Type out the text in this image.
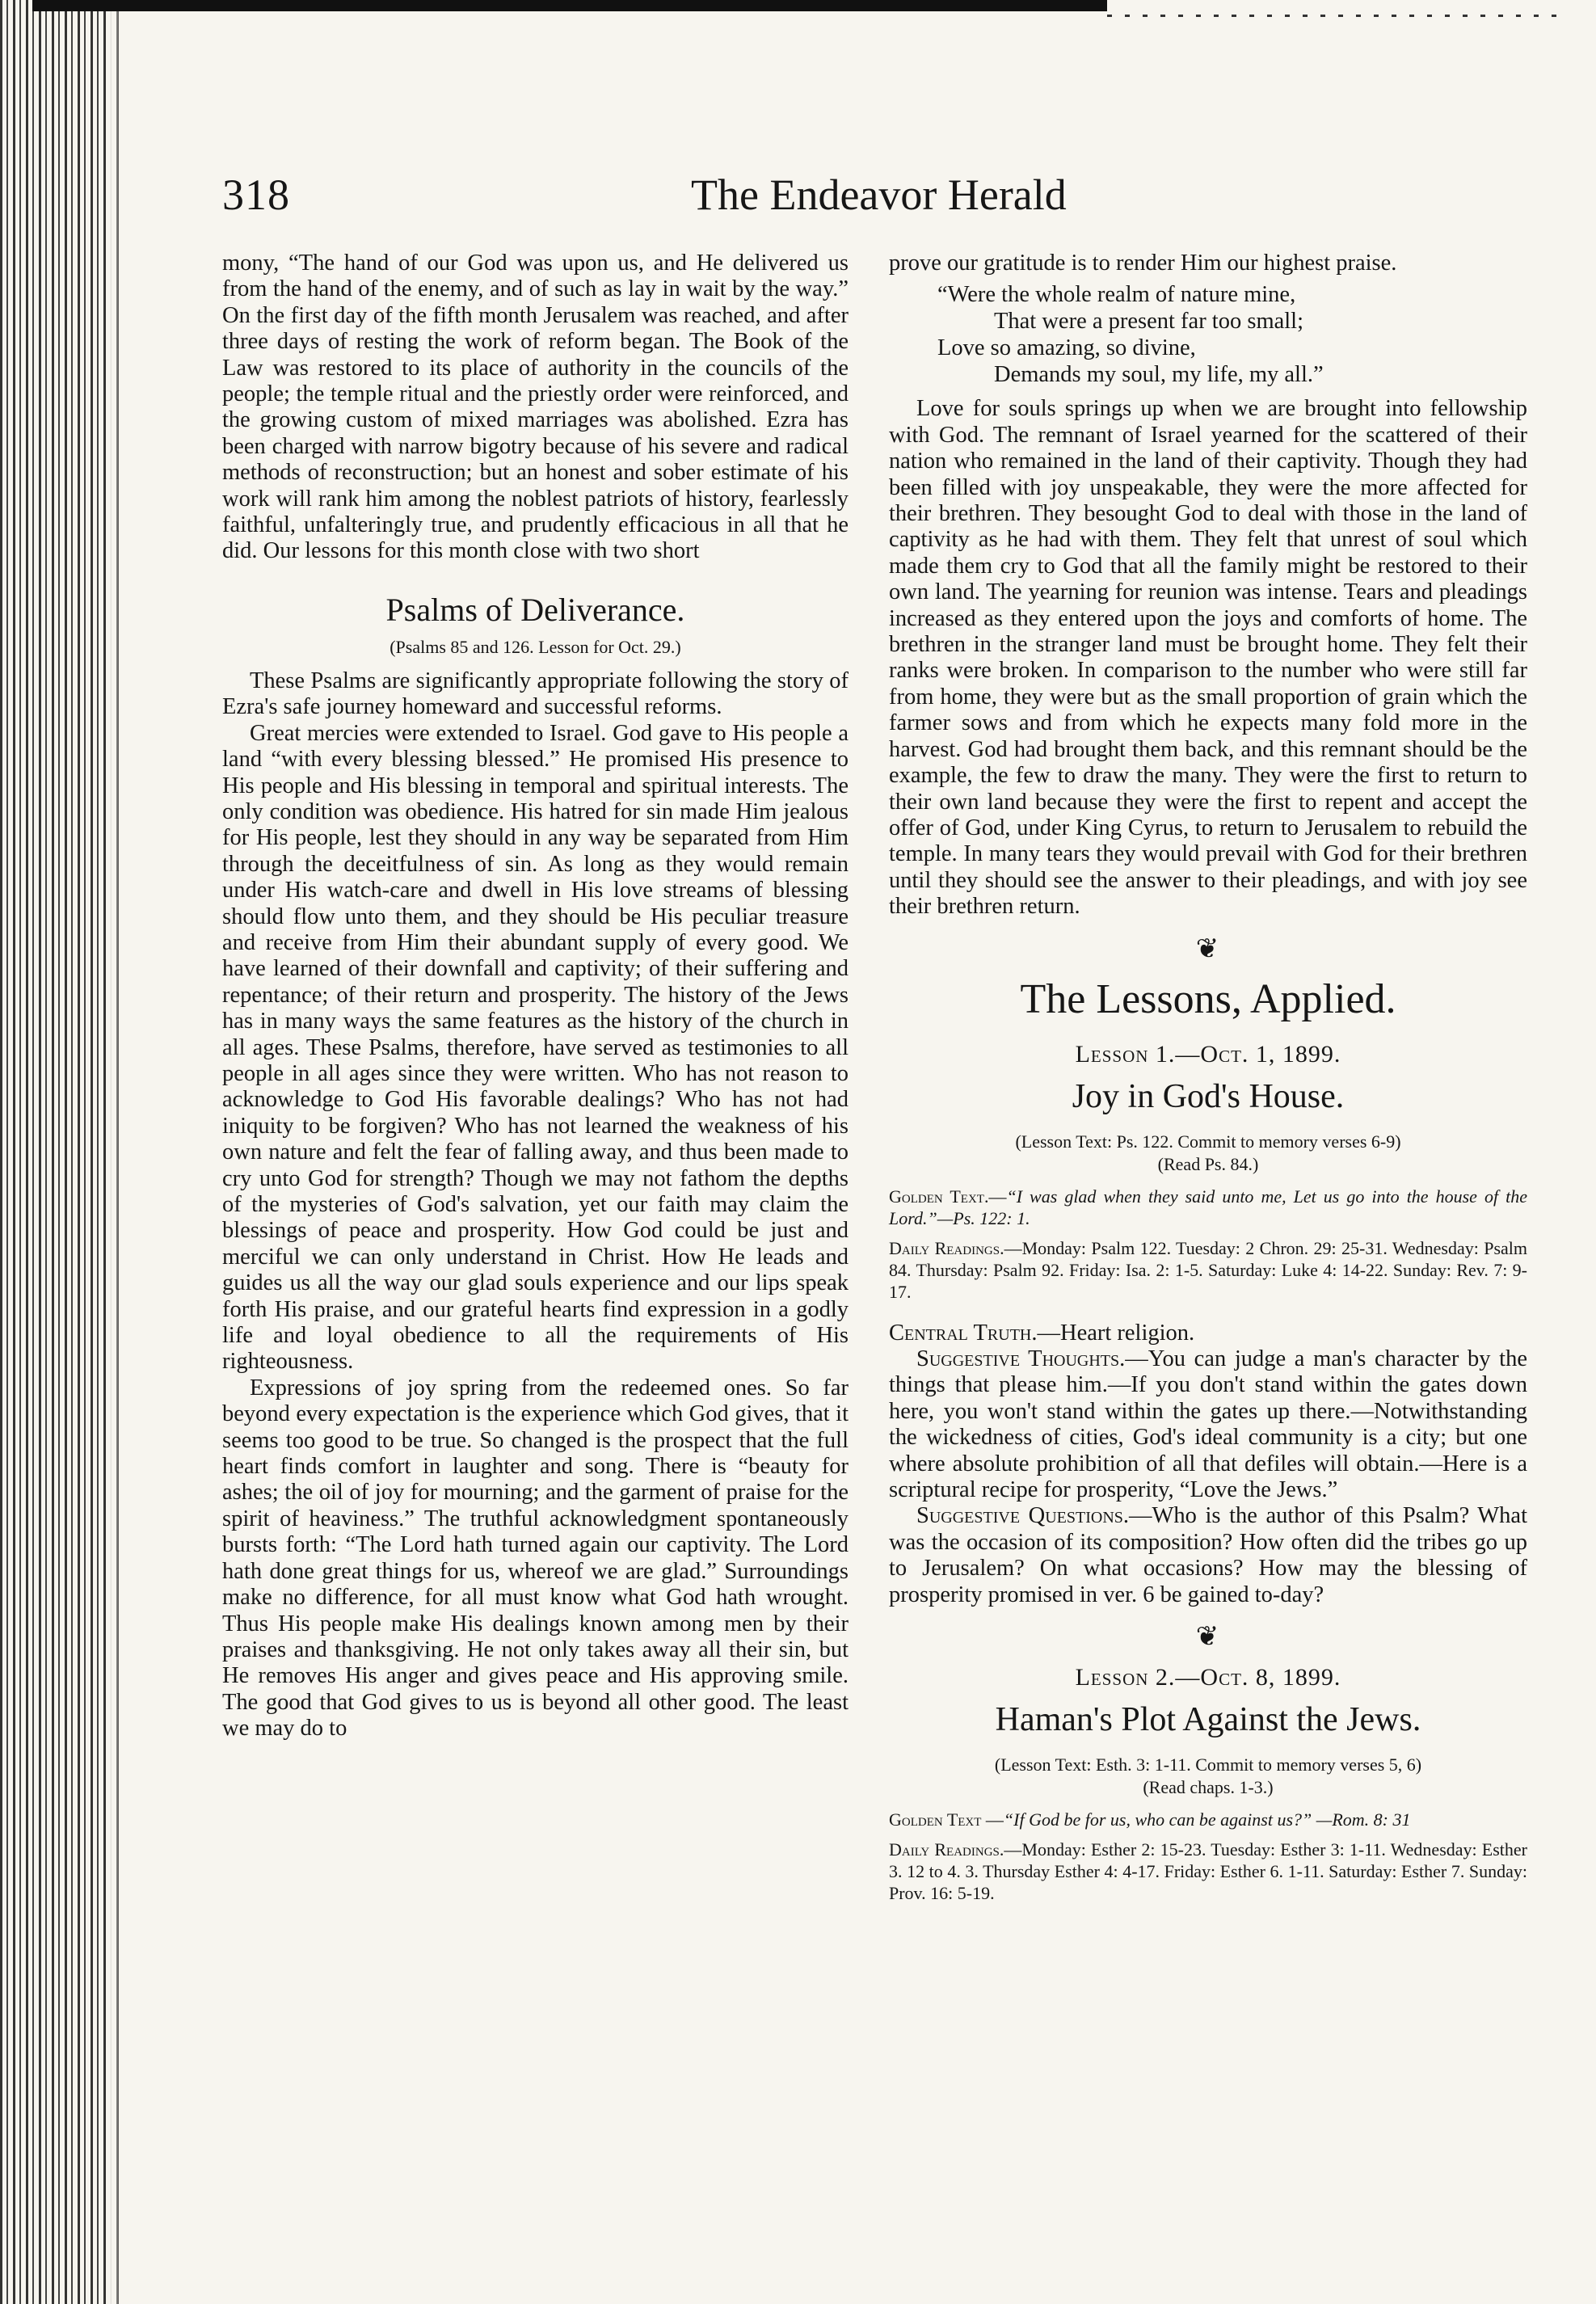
318	The Endeavor Herald

mony, “The hand of our God was upon us, and He delivered us from the hand of the enemy, and of such as lay in wait by the way.” On the first day of the fifth month Jerusalem was reached, and after three days of resting the work of reform began. The Book of the Law was restored to its place of authority in the councils of the people; the temple ritual and the priestly order were reinforced, and the growing custom of mixed marriages was abolished. Ezra has been charged with narrow bigotry because of his severe and radical methods of reconstruction; but an honest and sober estimate of his work will rank him among the noblest patriots of history, fearlessly faithful, unfalteringly true, and prudently efficacious in all that he did. Our lessons for this month close with two short

Psalms of Deliverance.
(Psalms 85 and 126. Lesson for Oct. 29.)

These Psalms are significantly appropriate following the story of Ezra's safe journey homeward and successful reforms.

Great mercies were extended to Israel. God gave to His people a land “with every blessing blessed.” He promised His presence to His people and His blessing in temporal and spiritual interests. The only condition was obedience. His hatred for sin made Him jealous for His people, lest they should in any way be separated from Him through the deceitfulness of sin. As long as they would remain under His watch-care and dwell in His love streams of blessing should flow unto them, and they should be His peculiar treasure and receive from Him their abundant supply of every good. We have learned of their downfall and captivity; of their suffering and repentance; of their return and prosperity. The history of the Jews has in many ways the same features as the history of the church in all ages. These Psalms, therefore, have served as testimonies to all people in all ages since they were written. Who has not reason to acknowledge to God His favorable dealings? Who has not had iniquity to be forgiven? Who has not learned the weakness of his own nature and felt the fear of falling away, and thus been made to cry unto God for strength? Though we may not fathom the depths of the mysteries of God's salvation, yet our faith may claim the blessings of peace and prosperity. How God could be just and merciful we can only understand in Christ. How He leads and guides us all the way our glad souls experience and our lips speak forth His praise, and our grateful hearts find expression in a godly life and loyal obedience to all the requirements of His righteousness.

Expressions of joy spring from the redeemed ones. So far beyond every expectation is the experience which God gives, that it seems too good to be true. So changed is the prospect that the full heart finds comfort in laughter and song. There is “beauty for ashes; the oil of joy for mourning; and the garment of praise for the spirit of heaviness.” The truthful acknowledgment spontaneously bursts forth: “The Lord hath turned again our captivity. The Lord hath done great things for us, whereof we are glad.” Surroundings make no difference, for all must know what God hath wrought. Thus His people make His dealings known among men by their praises and thanksgiving. He not only takes away all their sin, but He removes His anger and gives peace and His approving smile. The good that God gives to us is beyond all other good. The least we may do to

prove our gratitude is to render Him our highest praise.

“Were the whole realm of nature mine,
That were a present far too small;
Love so amazing, so divine,
Demands my soul, my life, my all.”

Love for souls springs up when we are brought into fellowship with God. The remnant of Israel yearned for the scattered of their nation who remained in the land of their captivity. Though they had been filled with joy unspeakable, they were the more affected for their brethren. They besought God to deal with those in the land of captivity as he had with them. They felt that unrest of soul which made them cry to God that all the family might be restored to their own land. The yearning for reunion was intense. Tears and pleadings increased as they entered upon the joys and comforts of home. The brethren in the stranger land must be brought home. They felt their ranks were broken. In comparison to the number who were still far from home, they were but as the small proportion of grain which the farmer sows and from which he expects many fold more in the harvest. God had brought them back, and this remnant should be the example, the few to draw the many. They were the first to return to their own land because they were the first to repent and accept the offer of God, under King Cyrus, to return to Jerusalem to rebuild the temple. In many tears they would prevail with God for their brethren until they should see the answer to their pleadings, and with joy see their brethren return.

❦
The Lessons, Applied.
Lesson 1.—Oct. 1, 1899.
Joy in God's House.
(Lesson Text: Ps. 122. Commit to memory verses 6-9)
(Read Ps. 84.)
Golden Text.—“I was glad when they said unto me, Let us go into the house of the Lord.”—Ps. 122: 1.
Daily Readings.—Monday: Psalm 122. Tuesday: 2 Chron. 29: 25-31. Wednesday: Psalm 84. Thursday: Psalm 92. Friday: Isa. 2: 1-5. Saturday: Luke 4: 14-22. Sunday: Rev. 7: 9-17.

Central Truth.—Heart religion.

Suggestive Thoughts.—You can judge a man's character by the things that please him.—If you don't stand within the gates down here, you won't stand within the gates up there.—Notwithstanding the wickedness of cities, God's ideal community is a city; but one where absolute prohibition of all that defiles will obtain.—Here is a scriptural recipe for prosperity, “Love the Jews.”

Suggestive Questions.—Who is the author of this Psalm? What was the occasion of its composition? How often did the tribes go up to Jerusalem? On what occasions? How may the blessing of prosperity promised in ver. 6 be gained to-day?

❦
Lesson 2.—Oct. 8, 1899.
Haman's Plot Against the Jews.
(Lesson Text: Esth. 3: 1-11. Commit to memory verses 5, 6)
(Read chaps. 1-3.)
Golden Text —“If God be for us, who can be against us?” —Rom. 8: 31
Daily Readings.—Monday: Esther 2: 15-23. Tuesday: Esther 3: 1-11. Wednesday: Esther 3. 12 to 4. 3. Thursday Esther 4: 4-17. Friday: Esther 6. 1-11. Saturday: Esther 7. Sunday: Prov. 16: 5-19.
